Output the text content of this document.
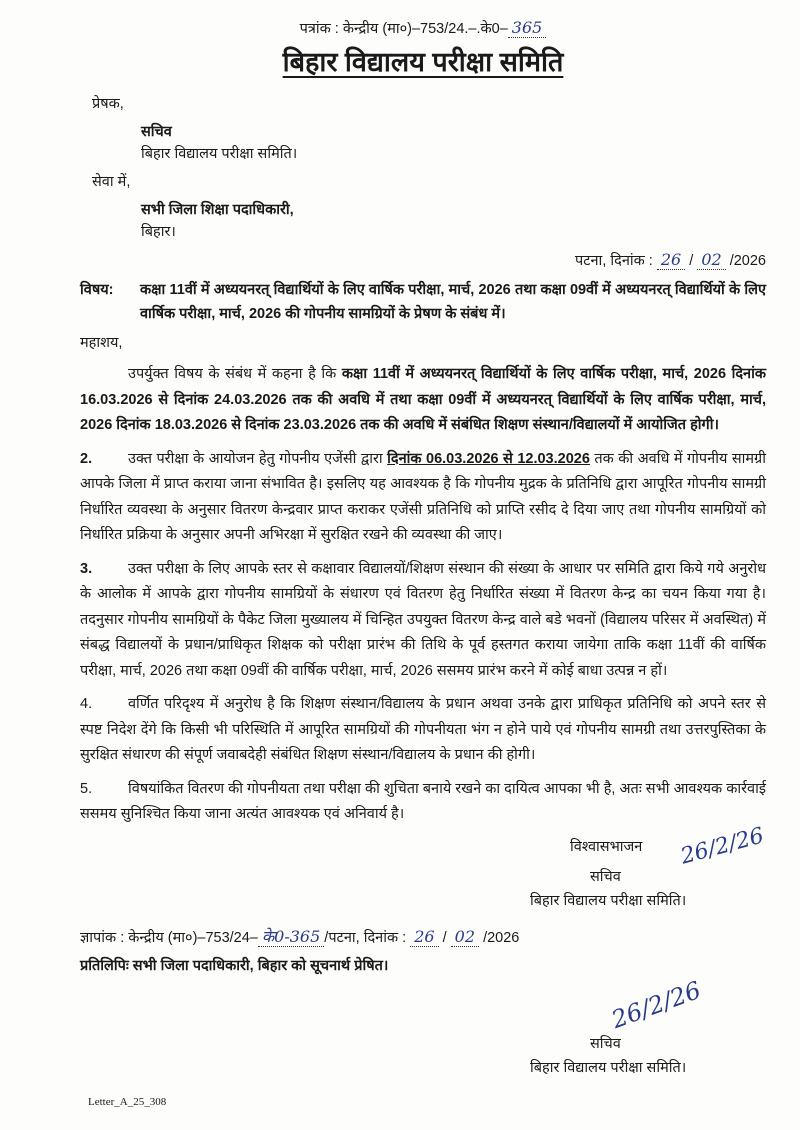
पत्रांक : केन्द्रीय (मा०)–753/24.–.के0– 365
बिहार विद्यालय परीक्षा समिति
प्रेषक,
सचिव
बिहार विद्यालय परीक्षा समिति।
सेवा में,
सभी जिला शिक्षा पदाधिकारी,
बिहार।
पटना, दिनांक : 26 / 02 /2026
विषय:	कक्षा 11वीं में अध्ययनरत् विद्यार्थियों के लिए वार्षिक परीक्षा, मार्च, 2026 तथा कक्षा 09वीं में अध्ययनरत् विद्यार्थियों के लिए वार्षिक परीक्षा, मार्च, 2026 की गोपनीय सामग्रियों के प्रेषण के संबंध में।
महाशय,
उपर्युक्त विषय के संबंध में कहना है कि कक्षा 11वीं में अध्ययनरत् विद्यार्थियों के लिए वार्षिक परीक्षा, मार्च, 2026 दिनांक 16.03.2026 से दिनांक 24.03.2026 तक की अवधि में तथा कक्षा 09वीं में अध्ययनरत् विद्यार्थियों के लिए वार्षिक परीक्षा, मार्च, 2026 दिनांक 18.03.2026 से दिनांक 23.03.2026 तक की अवधि में संबंधित शिक्षण संस्थान/विद्यालयों में आयोजित होगी।
2. उक्त परीक्षा के आयोजन हेतु गोपनीय एजेंसी द्वारा दिनांक 06.03.2026 से 12.03.2026 तक की अवधि में गोपनीय सामग्री आपके जिला में प्राप्त कराया जाना संभावित है। इसलिए यह आवश्यक है कि गोपनीय मुद्रक के प्रतिनिधि द्वारा आपूरित गोपनीय सामग्री निर्धारित व्यवस्था के अनुसार वितरण केन्द्रवार प्राप्त कराकर एजेंसी प्रतिनिधि को प्राप्ति रसीद दे दिया जाए तथा गोपनीय सामग्रियों को निर्धारित प्रक्रिया के अनुसार अपनी अभिरक्षा में सुरक्षित रखने की व्यवस्था की जाए।
3. उक्त परीक्षा के लिए आपके स्तर से कक्षावार विद्यालयों/शिक्षण संस्थान की संख्या के आधार पर समिति द्वारा किये गये अनुरोध के आलोक में आपके द्वारा गोपनीय सामग्रियों के संधारण एवं वितरण हेतु निर्धारित संख्या में वितरण केन्द्र का चयन किया गया है। तदनुसार गोपनीय सामग्रियों के पैकेट जिला मुख्यालय में चिन्हित उपयुक्त वितरण केन्द्र वाले बडे भवनों (विद्यालय परिसर में अवस्थित) में संबद्ध विद्यालयों के प्रधान/प्राधिकृत शिक्षक को परीक्षा प्रारंभ की तिथि के पूर्व हस्तगत कराया जायेगा ताकि कक्षा 11वीं की वार्षिक परीक्षा, मार्च, 2026 तथा कक्षा 09वीं की वार्षिक परीक्षा, मार्च, 2026 ससमय प्रारंभ करने में कोई बाधा उत्पन्न न हों।
4. वर्णित परिदृश्य में अनुरोध है कि शिक्षण संस्थान/विद्यालय के प्रधान अथवा उनके द्वारा प्राधिकृत प्रतिनिधि को अपने स्तर से स्पष्ट निदेश देंगे कि किसी भी परिस्थिति में आपूरित सामग्रियों की गोपनीयता भंग न होने पाये एवं गोपनीय सामग्री तथा उत्तरपुस्तिका के सुरक्षित संधारण की संपूर्ण जवाबदेही संबंधित शिक्षण संस्थान/विद्यालय के प्रधान की होगी।
5. विषयांकित वितरण की गोपनीयता तथा परीक्षा की शुचिता बनाये रखने का दायित्व आपका भी है, अतः सभी आवश्यक कार्रवाई ससमय सुनिश्चित किया जाना अत्यंत आवश्यक एवं अनिवार्य है।
विश्वासभाजन 26/2/26
सचिव
बिहार विद्यालय परीक्षा समिति।
ज्ञापांक : केन्द्रीय (मा०)–753/24– के0-365 /पटना, दिनांक : 26 / 02 /2026
प्रतिलिपिः सभी जिला पदाधिकारी, बिहार को सूचनार्थ प्रेषित।
26/2/26
सचिव
बिहार विद्यालय परीक्षा समिति।
Letter_A_25_308
